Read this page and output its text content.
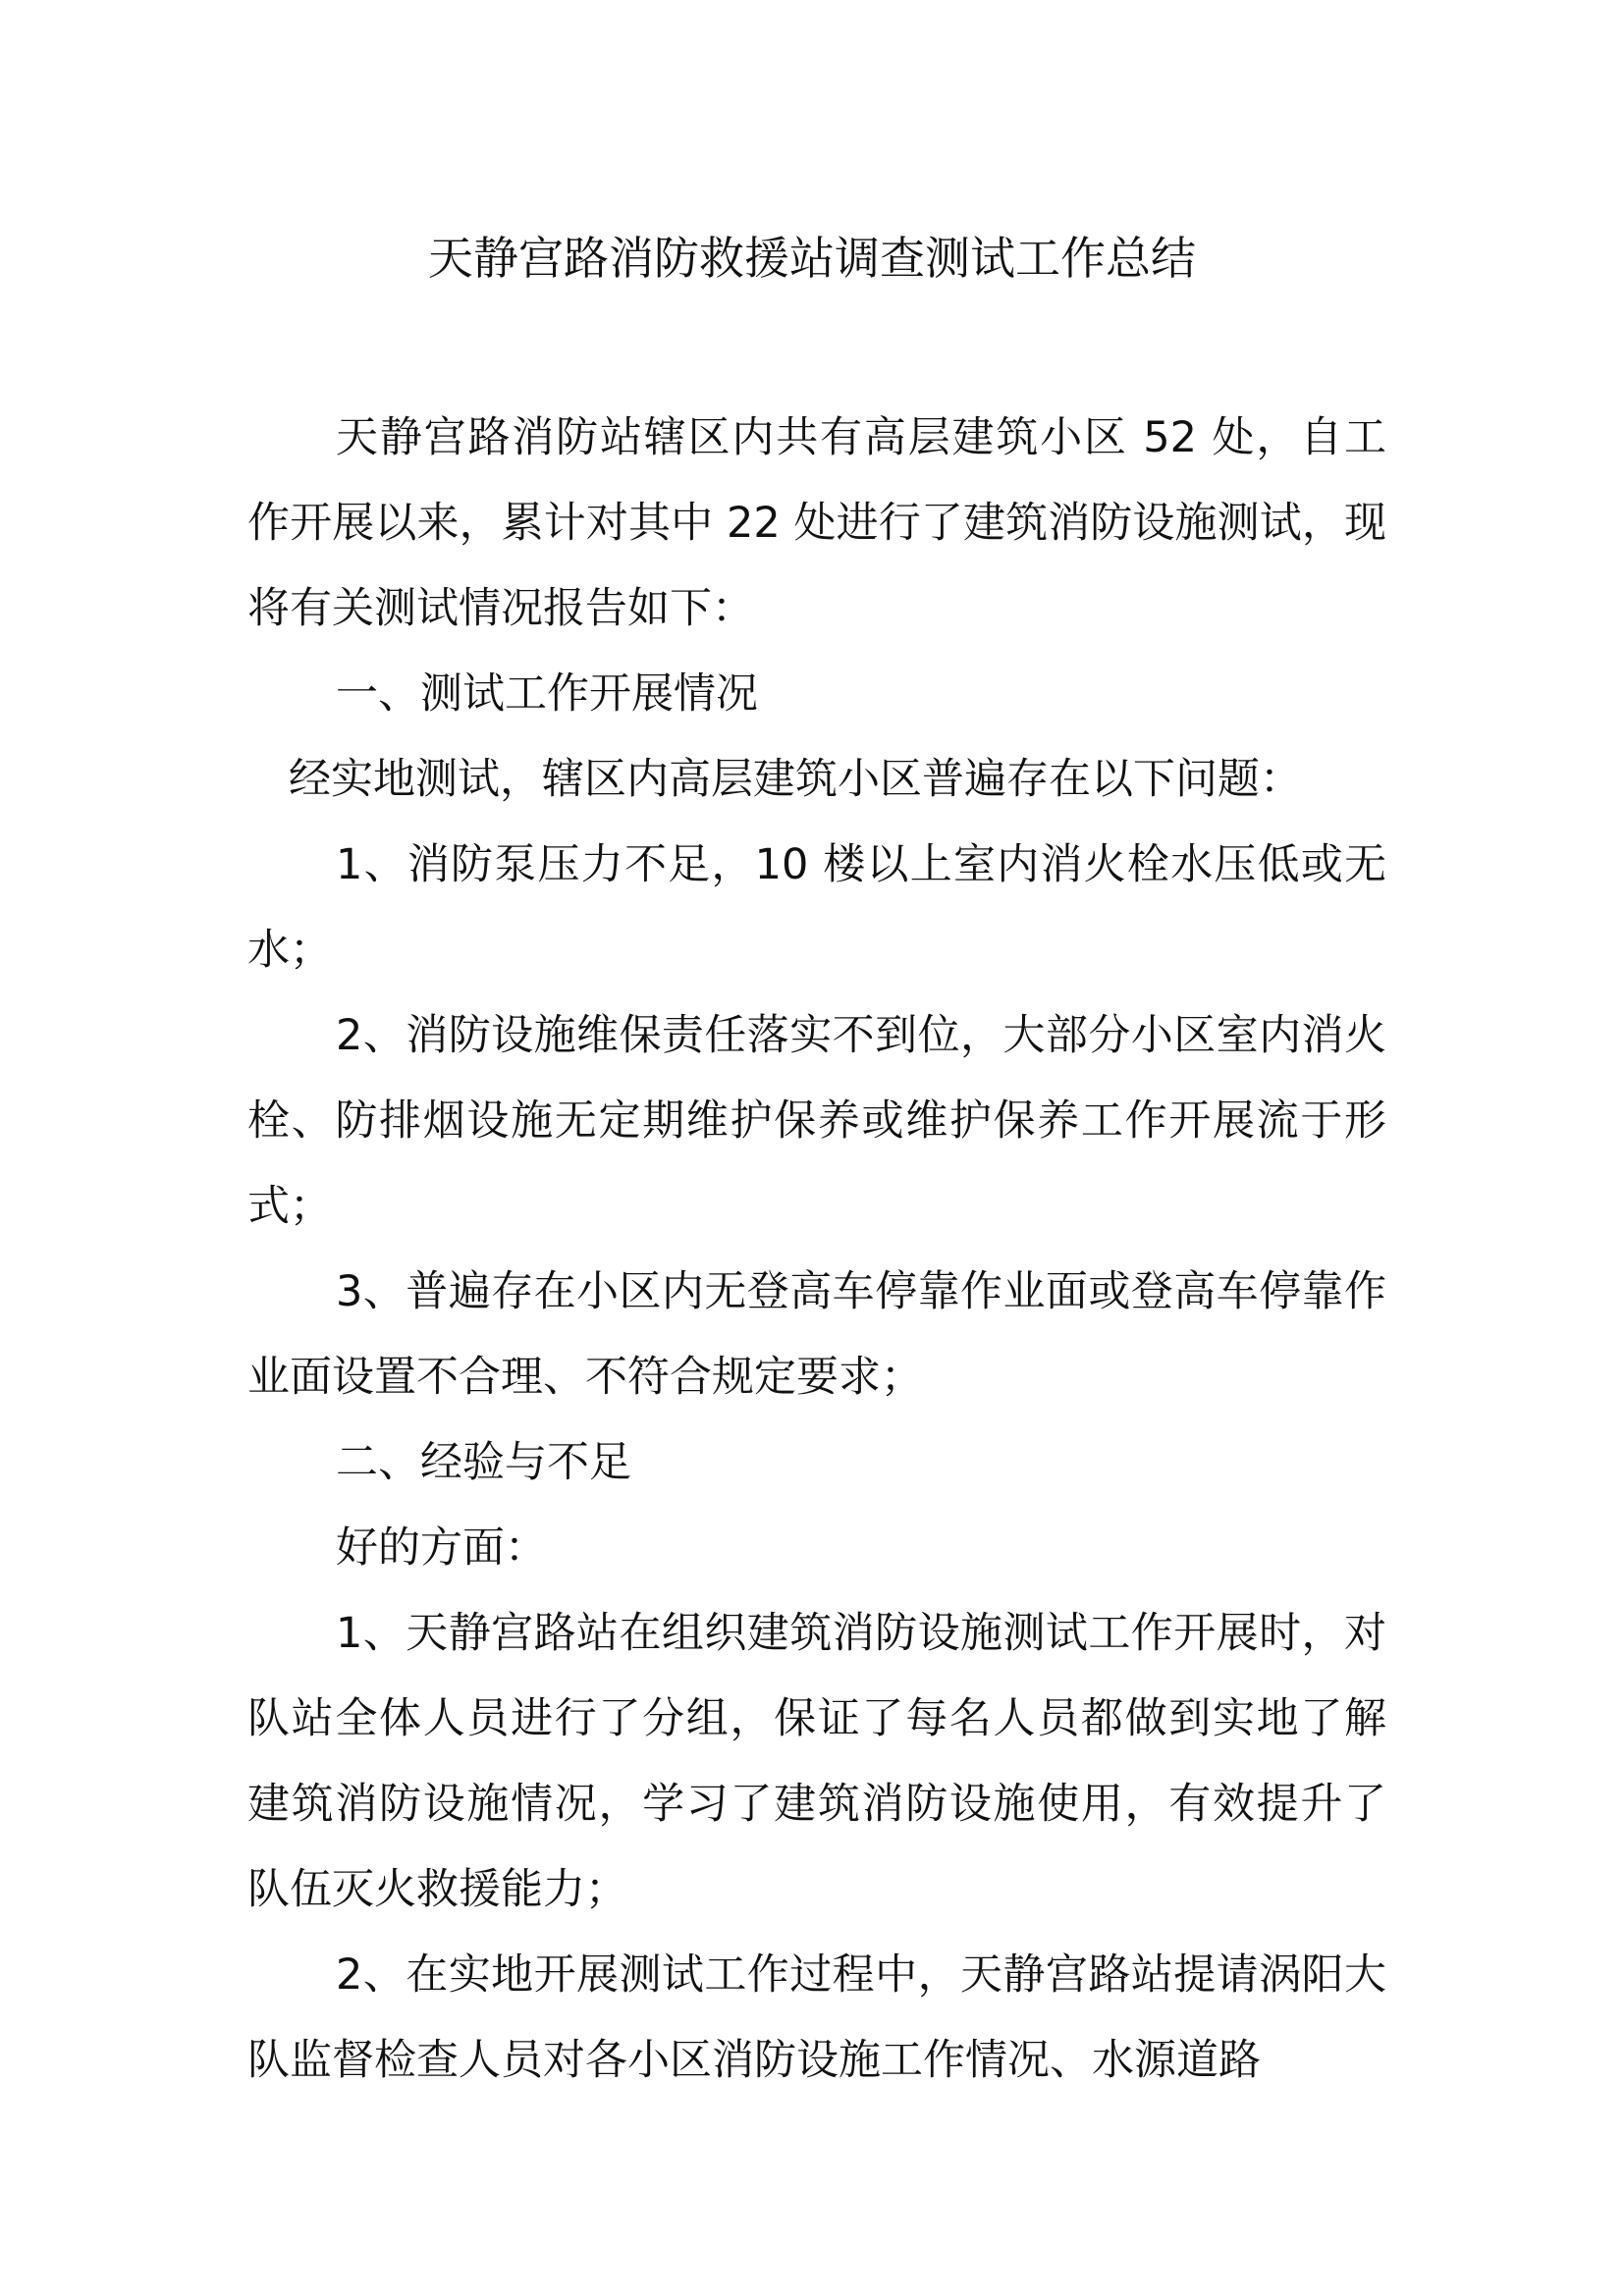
天静宫路消防救援站调查测试工作总结

天静宫路消防站辖区内共有高层建筑小区 52 处，自工作开展以来，累计对其中 22 处进行了建筑消防设施测试，现将有关测试情况报告如下：

一、测试工作开展情况

经实地测试，辖区内高层建筑小区普遍存在以下问题：

1、消防泵压力不足，10 楼以上室内消火栓水压低或无水；

2、消防设施维保责任落实不到位，大部分小区室内消火栓、防排烟设施无定期维护保养或维护保养工作开展流于形式；

3、普遍存在小区内无登高车停靠作业面或登高车停靠作业面设置不合理、不符合规定要求；

二、经验与不足

好的方面：

1、天静宫路站在组织建筑消防设施测试工作开展时，对队站全体人员进行了分组，保证了每名人员都做到实地了解建筑消防设施情况，学习了建筑消防设施使用，有效提升了队伍灭火救援能力；

2、在实地开展测试工作过程中，天静宫路站提请涡阳大队监督检查人员对各小区消防设施工作情况、水源道路
